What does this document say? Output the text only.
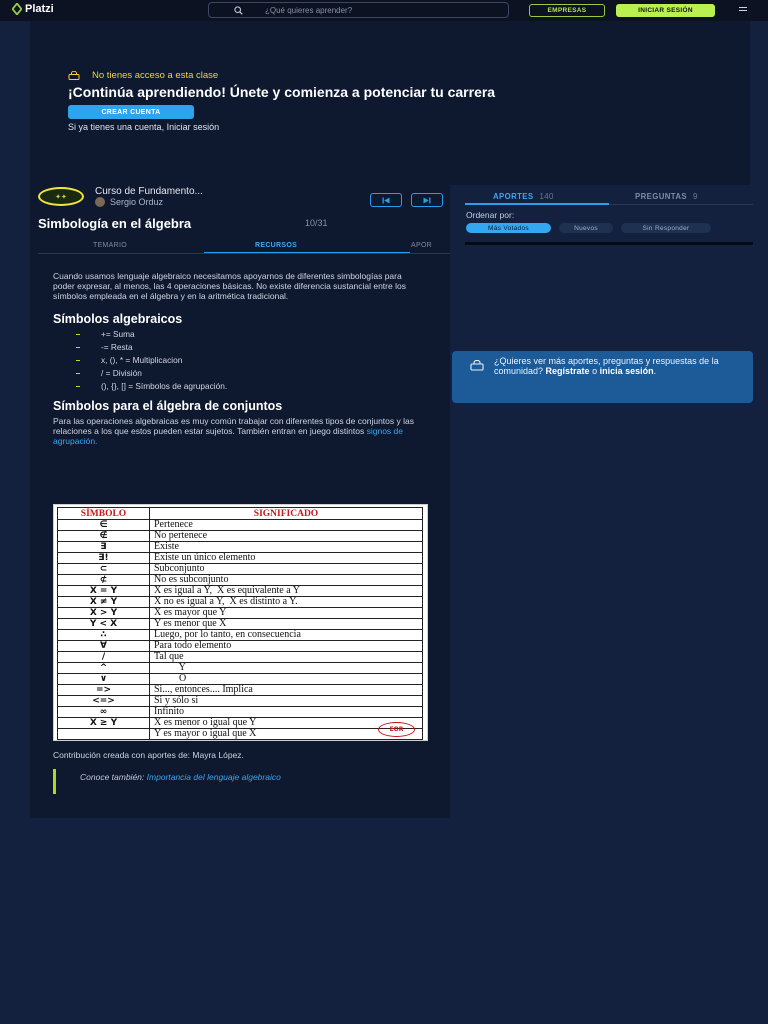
Platzi
¿Qué quieres aprender?	EMPRESAS	INICIAR SESIÓN
No tienes acceso a esta clase
¡Continúa aprendiendo! Únete y comienza a potenciar tu carrera
CREAR CUENTA
Si ya tienes una cuenta, Iniciar sesión
✦✦	Curso de Fundamento...
Sergio Orduz
Simbología en el álgebra	10/31
TEMARIO	RECURSOS	APOR

Cuando usamos lenguaje algebraico necesitamos apoyarnos de diferentes simbologías para poder expresar, al menos, las 4 operaciones básicas. No existe diferencia sustancial entre los símbolos empleada en el álgebra y en la aritmética tradicional.

Símbolos algebraicos
+= Suma
-= Resta
x, (), * = Multiplicacion
/ = División
(), {}, [] = Símbolos de agrupación.
Símbolos para el álgebra de conjuntos

Para las operaciones algebraicas es muy común trabajar con diferentes tipos de conjuntos y las relaciones a los que estos pueden estar sujetos. También entran en juego distintos signos de agrupación.

SÍMBOLO	SIGNIFICADO
∈	Pertenece
∉	No pertenece
∃	Existe
∃!	Existe un único elemento
⊂	Subconjunto
⊄	No es subconjunto
X = Y	X es igual a Y,  X es equivalente a Y
X ≠ Y	X no es igual a Y,  X es distinto a Y.
X > Y	X es mayor que Y
Y < X	Y es menor que X
∴	Luego, por lo tanto, en consecuencia
∀	Para todo elemento
/	Tal que
^	Y
∨	O
=>	Si..., entonces.... Implica
<=>	Si y sólo si
∞	Infinito
X ≥ Y	X es menor o igual que Y
	Y es mayor o igual que X	EOR

Contribución creada con aportes de: Mayra López.

Conoce también: Importancia del lenguaje algebraico
APORTES 140	PREGUNTAS 9
Ordenar por:
Más Votados	Nuevos	Sin Responder

¿Quieres ver más aportes, preguntas y respuestas de la comunidad? Regístrate o inicia sesión.
